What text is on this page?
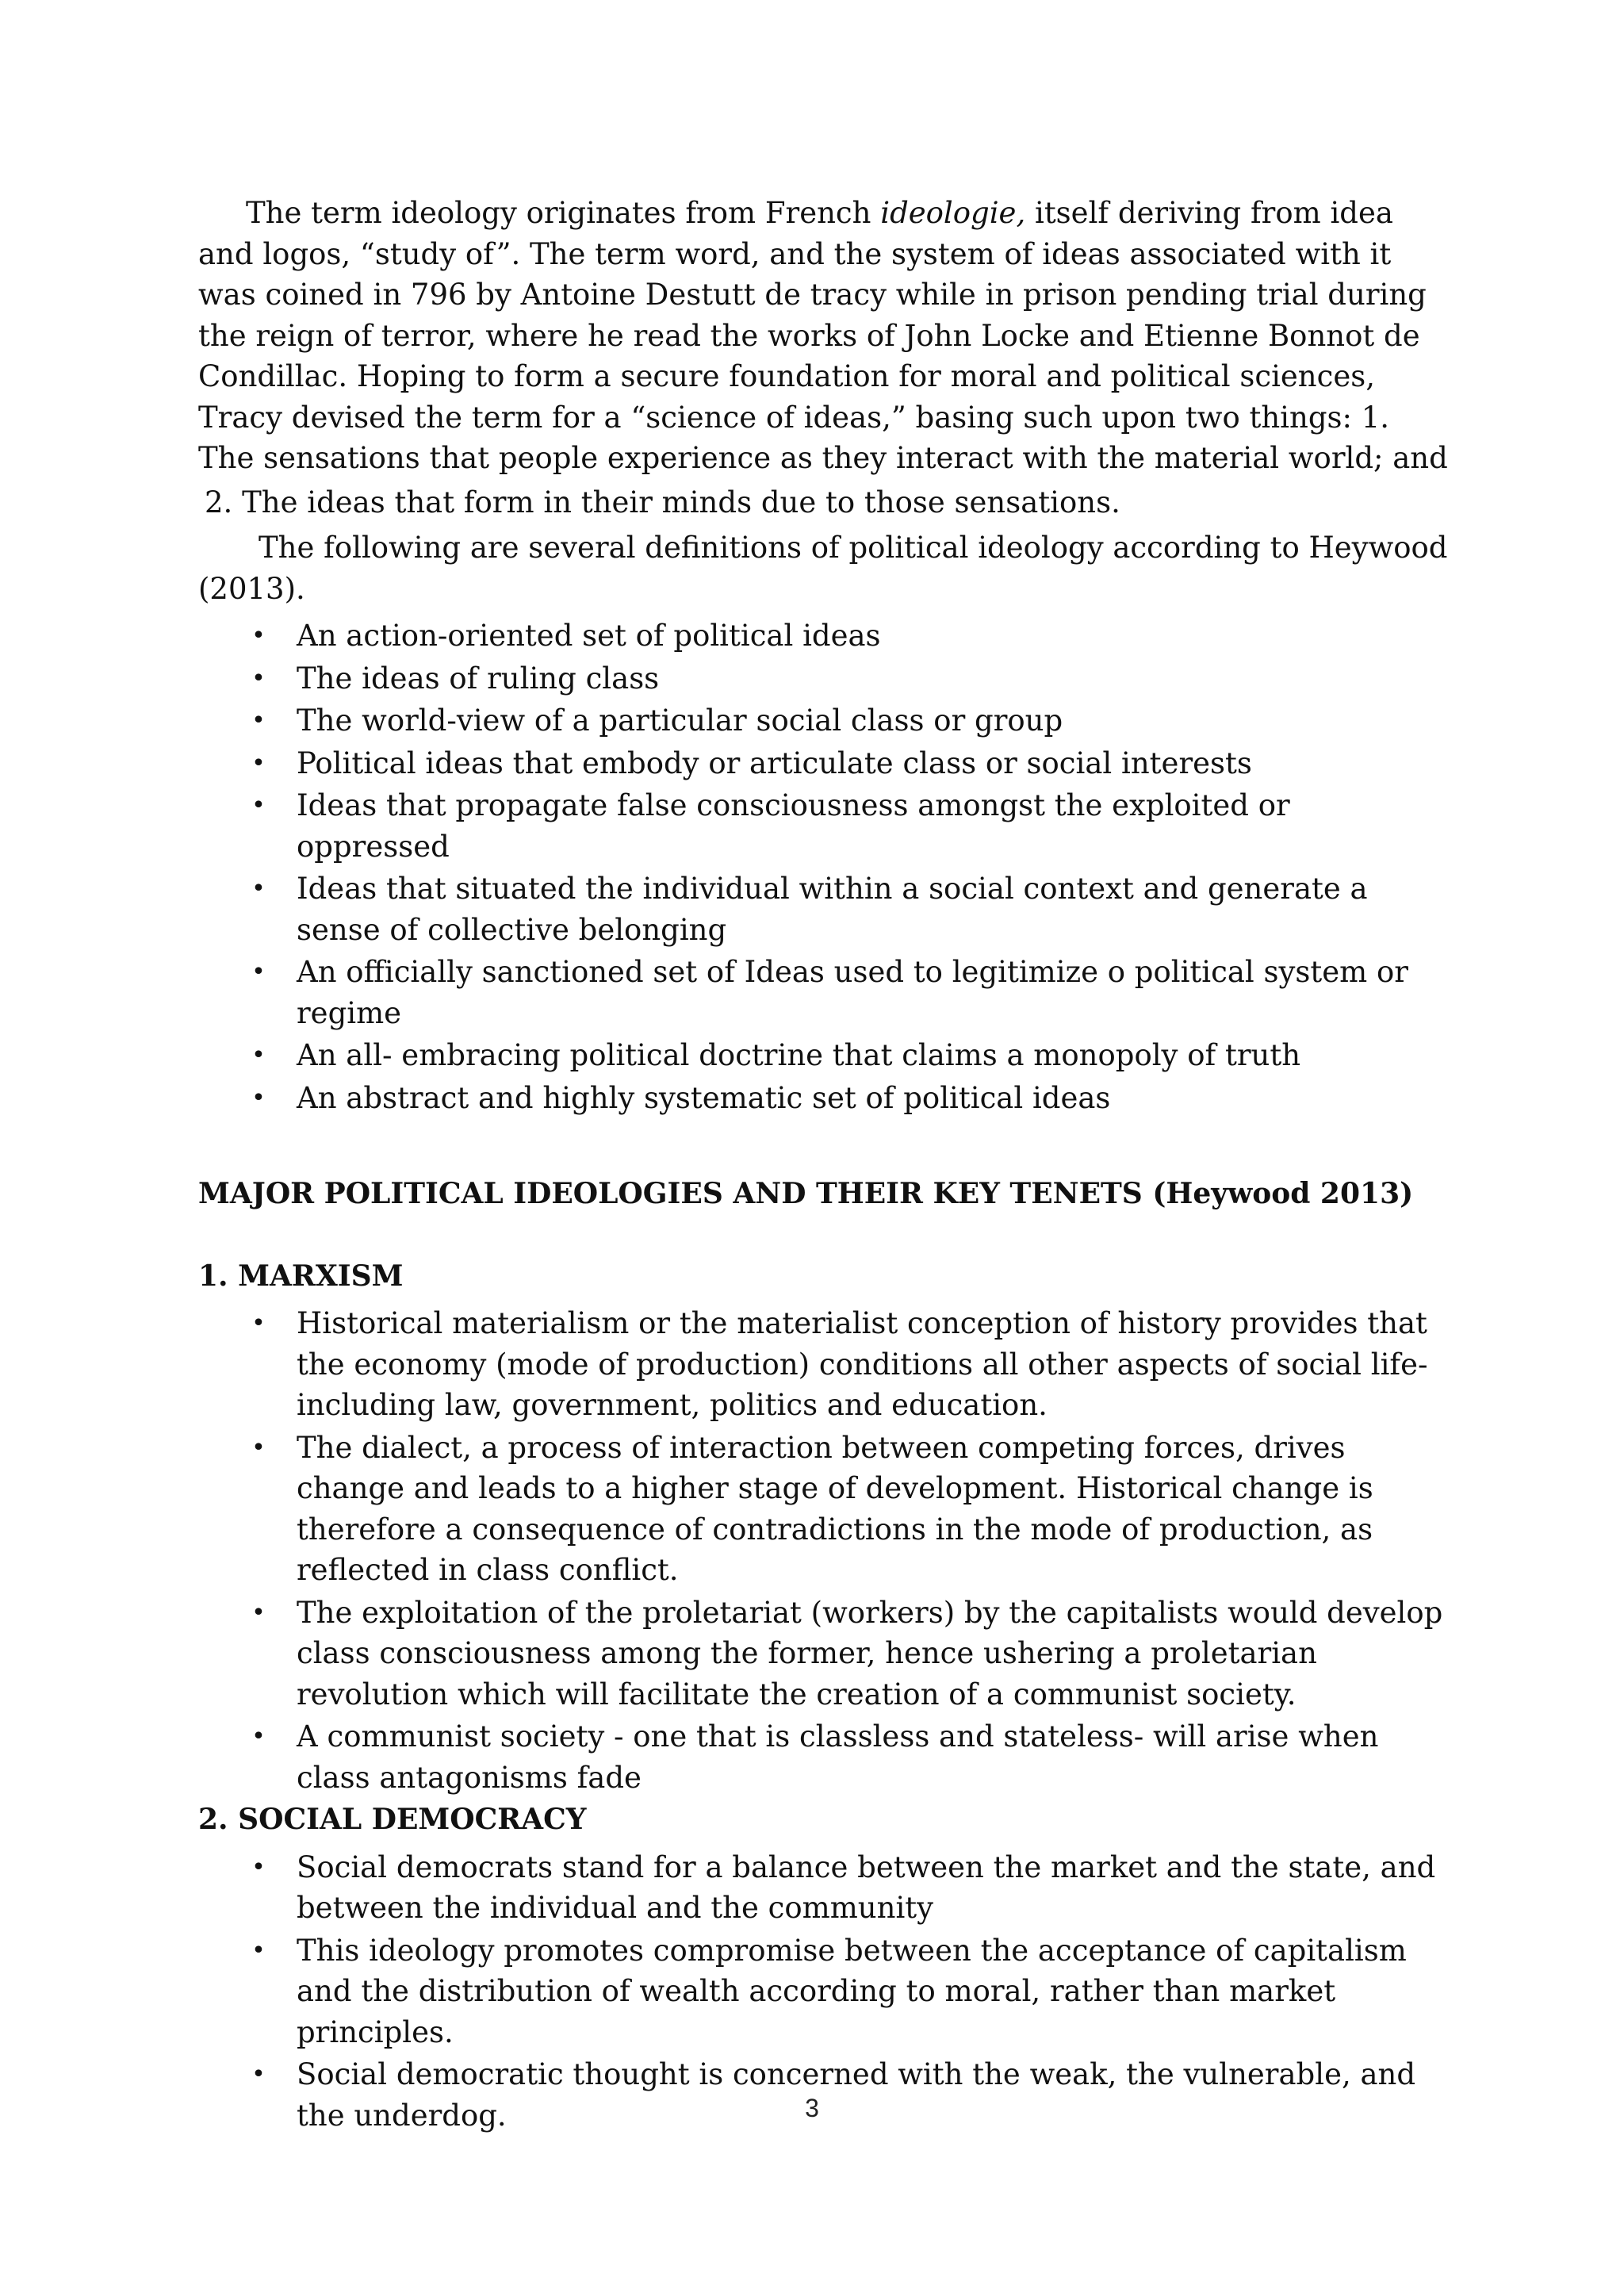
The term ideology originates from French ideologie, itself deriving from idea and logos, “study of”. The term word, and the system of ideas associated with it was coined in 796 by Antoine Destutt de tracy while in prison pending trial during the reign of terror, where he read the works of John Locke and Etienne Bonnot de Condillac. Hoping to form a secure foundation for moral and political sciences, Tracy devised the term for a “science of ideas,” basing such upon two things: 1. The sensations that people experience as they interact with the material world; and

2. The ideas that form in their minds due to those sensations.

The following are several definitions of political ideology according to Heywood (2013).

• An action-oriented set of political ideas
• The ideas of ruling class
• The world-view of a particular social class or group
• Political ideas that embody or articulate class or social interests
• Ideas that propagate false consciousness amongst the exploited or oppressed
• Ideas that situated the individual within a social context and generate a sense of collective belonging
• An officially sanctioned set of Ideas used to legitimize o political system or regime
• An all- embracing political doctrine that claims a monopoly of truth
• An abstract and highly systematic set of political ideas

MAJOR POLITICAL IDEOLOGIES AND THEIR KEY TENETS (Heywood 2013)

1. MARXISM

• Historical materialism or the materialist conception of history provides that the economy (mode of production) conditions all other aspects of social life- including law, government, politics and education.
• The dialect, a process of interaction between competing forces, drives change and leads to a higher stage of development. Historical change is therefore a consequence of contradictions in the mode of production, as reflected in class conflict.
• The exploitation of the proletariat (workers) by the capitalists would develop class consciousness among the former, hence ushering a proletarian revolution which will facilitate the creation of a communist society.
• A communist society - one that is classless and stateless- will arise when class antagonisms fade

2. SOCIAL DEMOCRACY

• Social democrats stand for a balance between the market and the state, and between the individual and the community
• This ideology promotes compromise between the acceptance of capitalism and the distribution of wealth according to moral, rather than market principles.
• Social democratic thought is concerned with the weak, the vulnerable, and the underdog.	3
